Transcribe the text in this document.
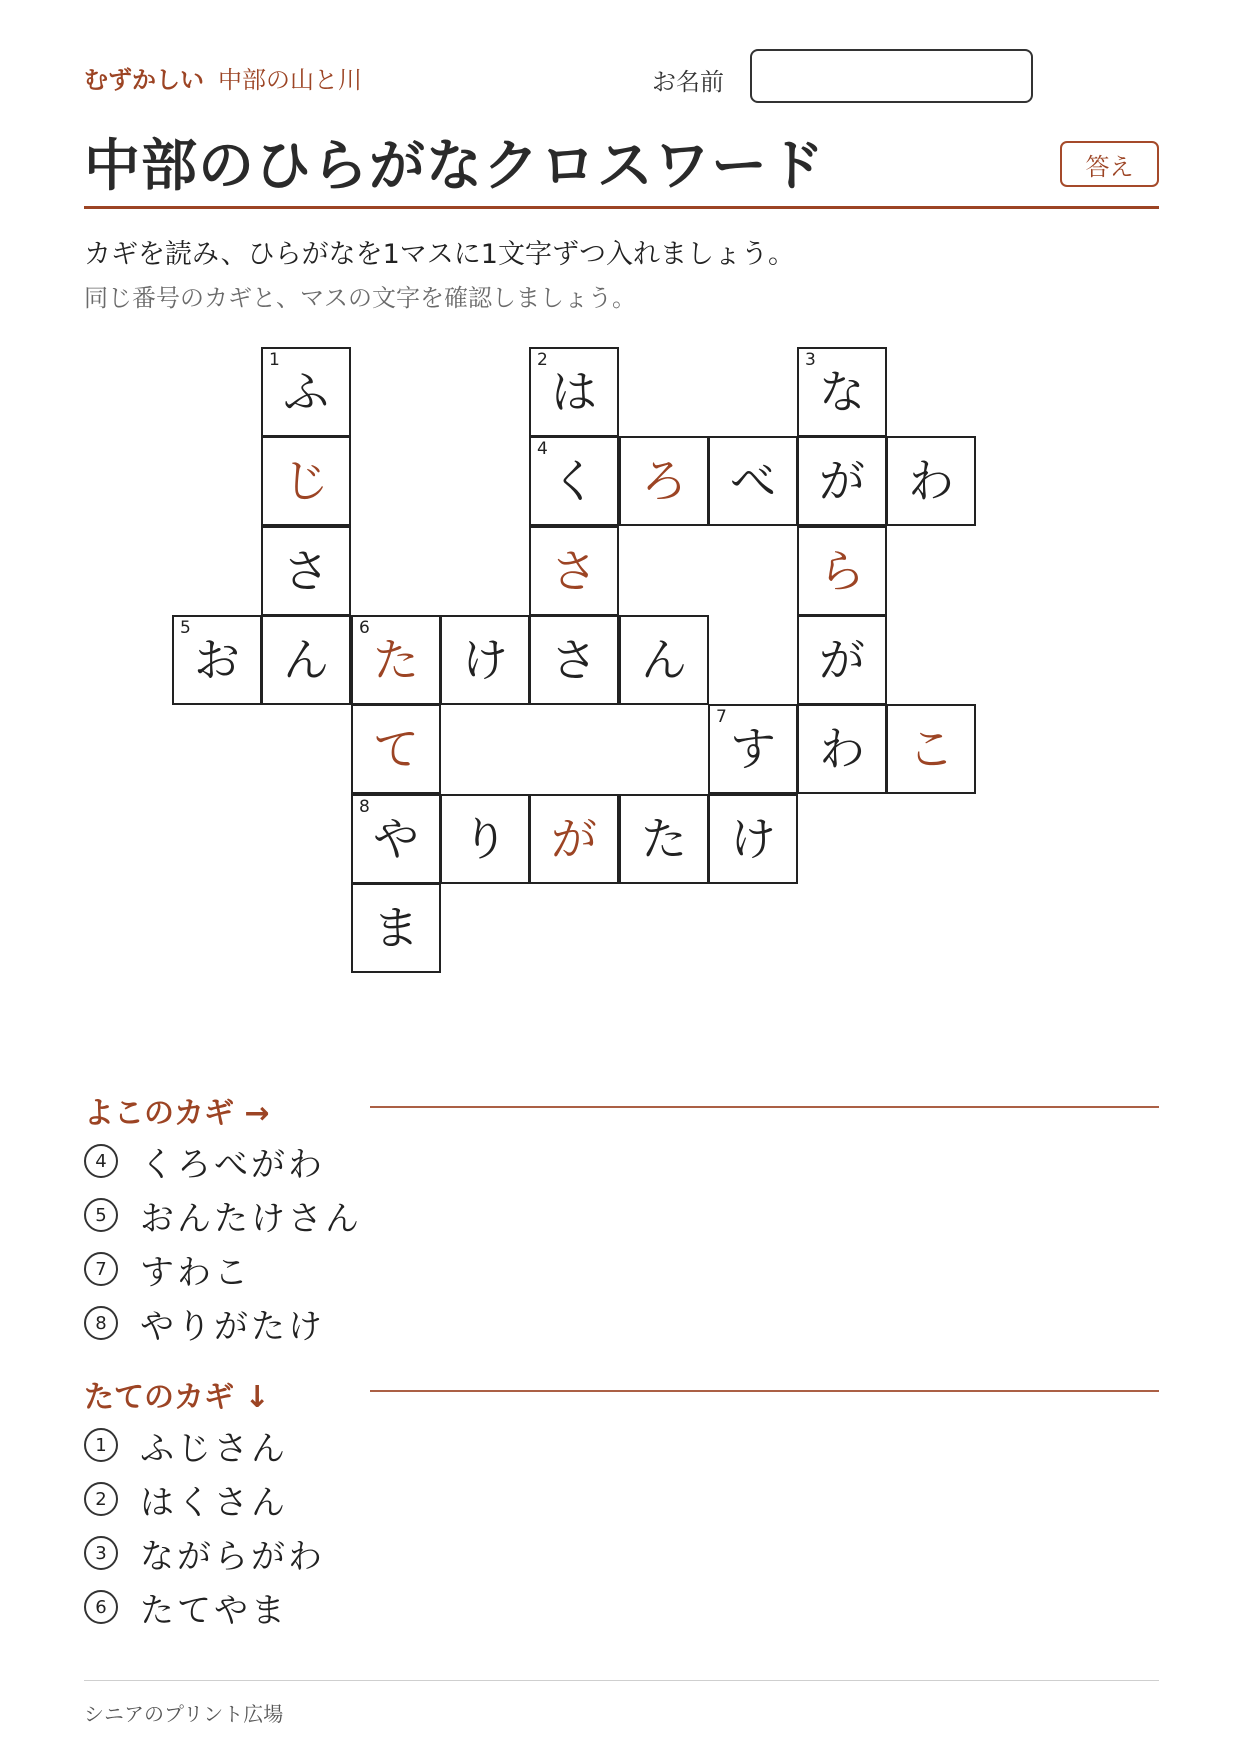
むずかしい 中部の山と川	お名前
中部のひらがなクロスワード	答え
カギを読み、ひらがなを1マスに1文字ずつ入れましょう。
同じ番号のカギと、マスの文字を確認しましょう。
1
ふ
2
は
3
な
じ
4
く ろ べ が わ
さ	さ	ら
5
お ん
6
た け さ ん	が
て
7
す わ こ
8
や り が た け
ま
よこのカギ →
4 くろべがわ
5 おんたけさん
7 すわこ
8 やりがたけ
たてのカギ ↓
1 ふじさん
2 はくさん
3 ながらがわ
6 たてやま
シニアのプリント広場
